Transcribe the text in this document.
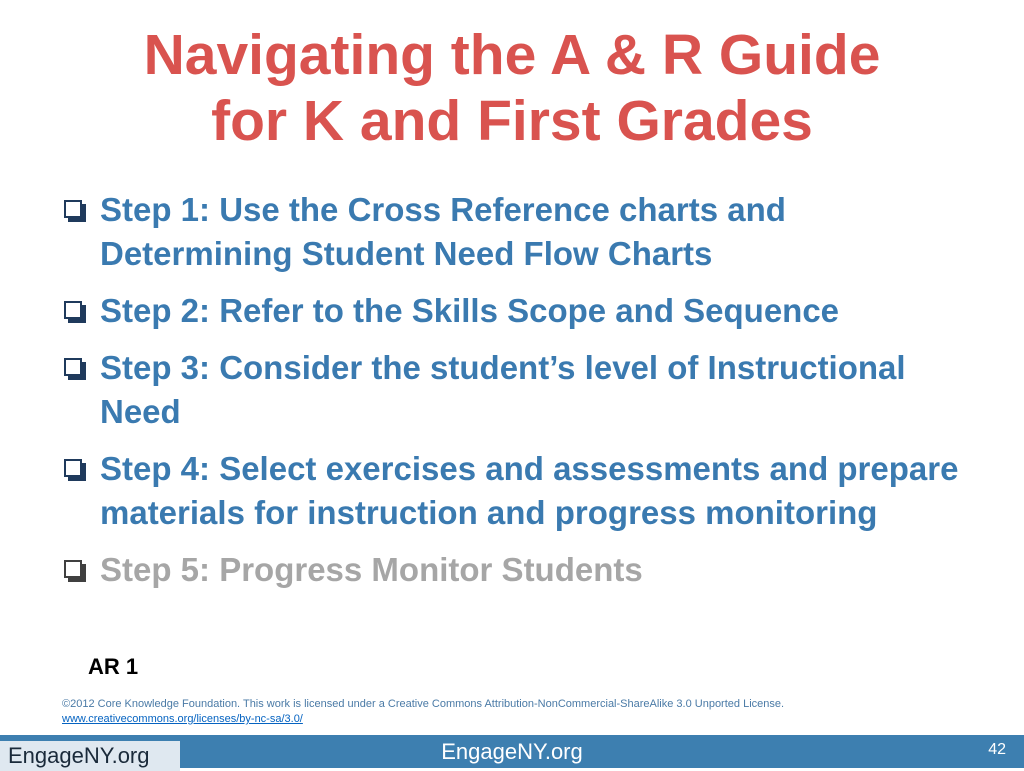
Navigating the A & R Guide
for K and First Grades
Step 1: Use the Cross Reference charts and Determining Student Need Flow Charts
Step 2: Refer to the Skills Scope and Sequence
Step 3: Consider the student’s level of Instructional Need
Step 4: Select exercises and assessments and prepare materials for instruction and progress monitoring
Step 5: Progress Monitor Students
AR 1
©2012 Core Knowledge Foundation. This work is licensed under a Creative Commons Attribution-NonCommercial-ShareAlike 3.0 Unported License.
www.creativecommons.org/licenses/by-nc-sa/3.0/
EngageNY.org	EngageNY.org	42
